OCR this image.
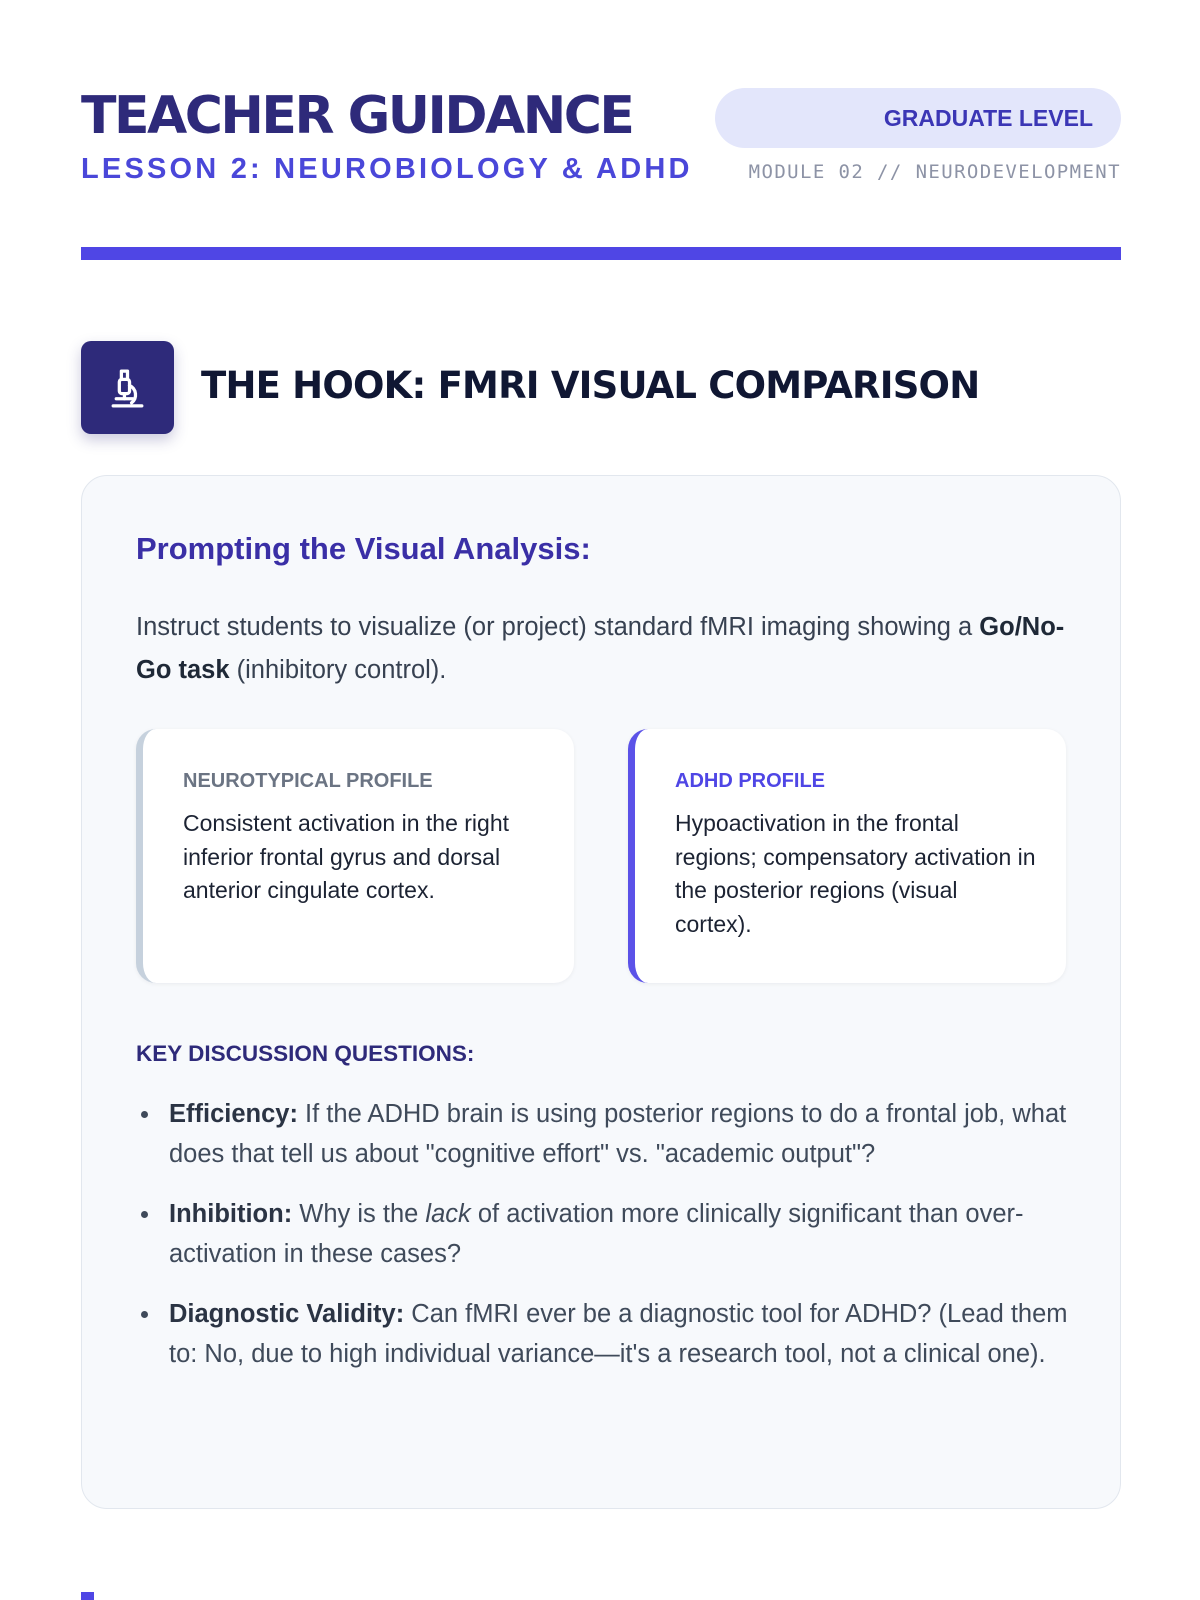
TEACHER GUIDANCE
LESSON 2: NEUROBIOLOGY & ADHD
GRADUATE LEVEL
MODULE 02 // NEURODEVELOPMENT
THE HOOK: FMRI VISUAL COMPARISON
Prompting the Visual Analysis:

Instruct students to visualize (or project) standard fMRI imaging showing a Go/No-Go task (inhibitory control).

NEUROTYPICAL PROFILE

Consistent activation in the right inferior frontal gyrus and dorsal anterior cingulate cortex.

ADHD PROFILE

Hypoactivation in the frontal regions; compensatory activation in the posterior regions (visual cortex).

KEY DISCUSSION QUESTIONS:
Efficiency: If the ADHD brain is using posterior regions to do a frontal job, what does that tell us about "cognitive effort" vs. "academic output"?
Inhibition: Why is the lack of activation more clinically significant than over-activation in these cases?
Diagnostic Validity: Can fMRI ever be a diagnostic tool for ADHD? (Lead them to: No, due to high individual variance—it's a research tool, not a clinical one).
